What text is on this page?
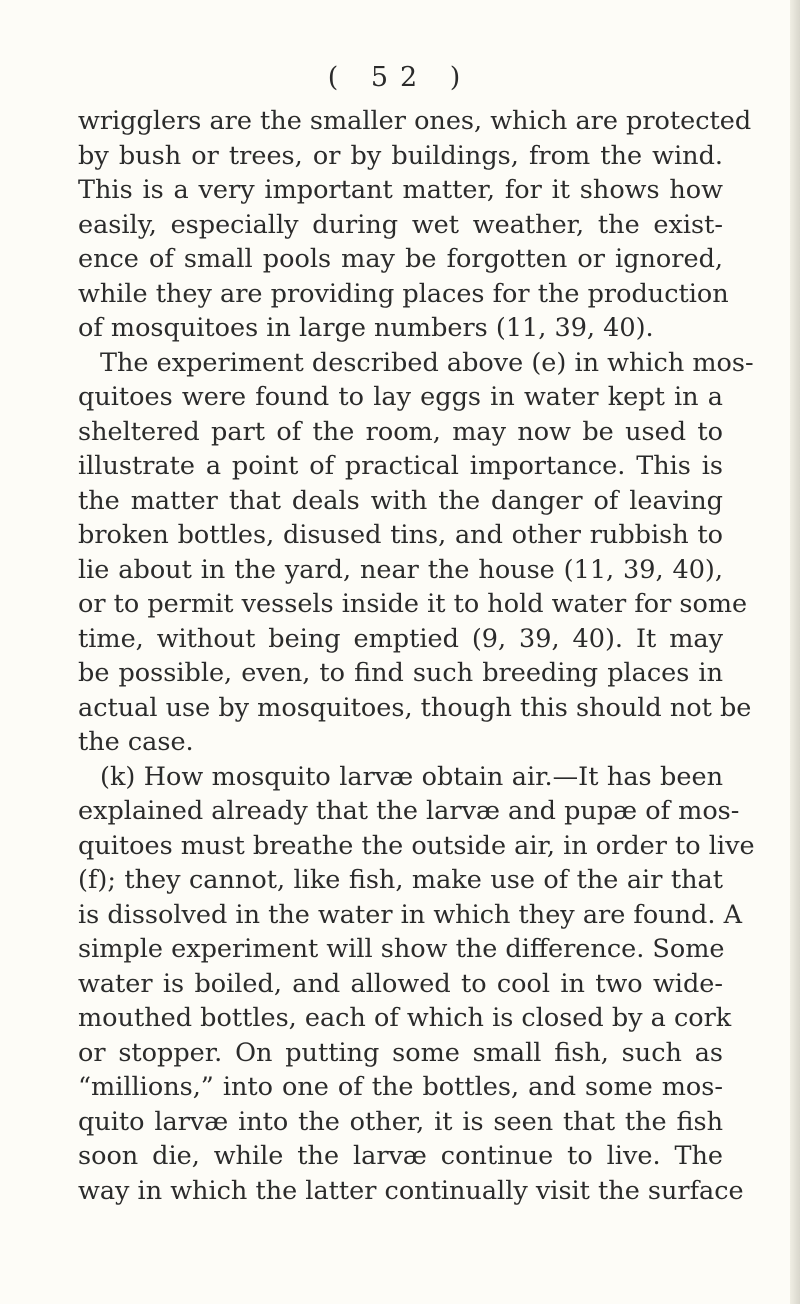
( 52 )
wrigglers are the smaller ones, which are protected
by bush or trees, or by buildings, from the wind.
This is a very important matter, for it shows how
easily, especially during wet weather, the exist-
ence of small pools may be forgotten or ignored,
while they are providing places for the production
of mosquitoes in large numbers (11, 39, 40).
The experiment described above (e) in which mos-
quitoes were found to lay eggs in water kept in a
sheltered part of the room, may now be used to
illustrate a point of practical importance. This is
the matter that deals with the danger of leaving
broken bottles, disused tins, and other rubbish to
lie about in the yard, near the house (11, 39, 40),
or to permit vessels inside it to hold water for some
time, without being emptied (9, 39, 40). It may
be possible, even, to find such breeding places in
actual use by mosquitoes, though this should not be
the case.
(k) How mosquito larvæ obtain air.—It has been
explained already that the larvæ and pupæ of mos-
quitoes must breathe the outside air, in order to live
(f); they cannot, like fish, make use of the air that
is dissolved in the water in which they are found. A
simple experiment will show the difference. Some
water is boiled, and allowed to cool in two wide-
mouthed bottles, each of which is closed by a cork
or stopper. On putting some small fish, such as
“millions,” into one of the bottles, and some mos-
quito larvæ into the other, it is seen that the fish
soon die, while the larvæ continue to live. The
way in which the latter continually visit the surface
